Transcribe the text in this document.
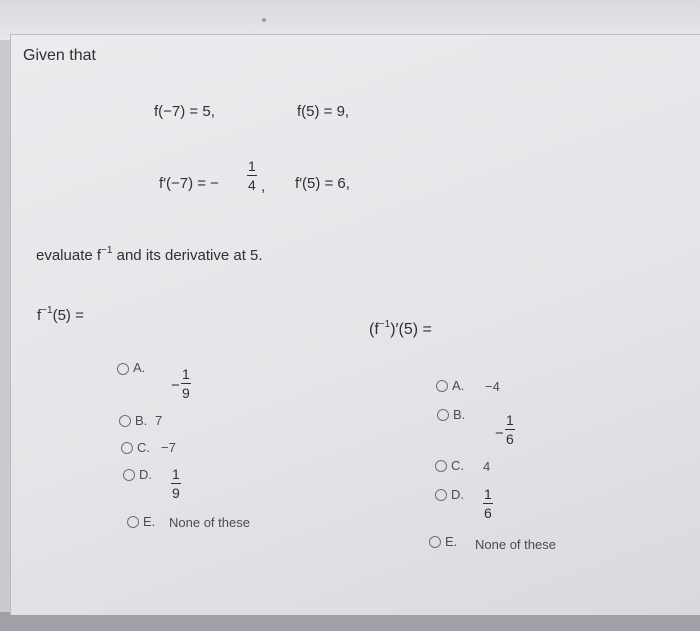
Given that
f(−7) = 5,	f(5) = 9,
f′(−7) = −
1
4 , f′(5) = 6,
evaluate $f^{-1}$ and its derivative at 5.
$f^{-1}(5)$ =
$(f^{-1})'(5)$ =
A.
−
1
9
B. 7
C. −7
D. 1
9
E. None of these
A. −4
B.
−
1
6
C. 4
D. 1
6
E. None of these
